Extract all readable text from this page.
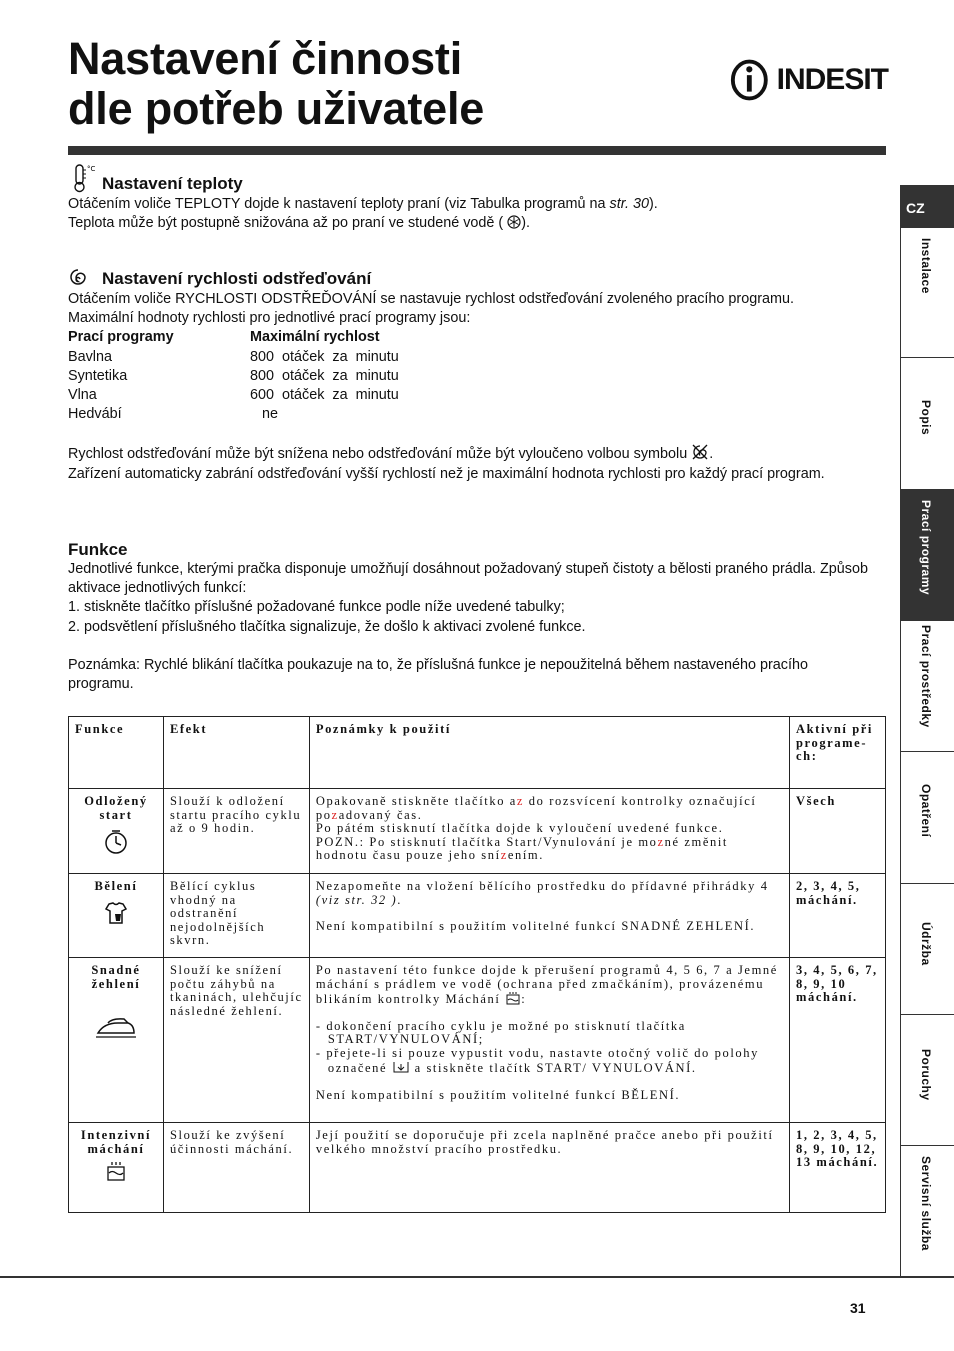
Nastavení činnosti
dle potřeb uživatele
INDESIT
°C
Nastavení teploty
Otáčením voliče TEPLOTY dojde k nastavení teploty praní (viz Tabulka programů na str. 30).
Teplota může být postupně snižována až po praní ve studené vodě ( ).
Nastavení rychlosti odstřeďování
Otáčením voliče RYCHLOSTI ODSTŘEĎOVÁNÍ se nastavuje rychlost odstřeďování zvoleného pracího programu.
Maximální hodnoty rychlosti pro jednotlivé prací programy jsou:
Prací programy	Maximální rychlost
Bavlna	800  otáček  za  minutu
Syntetika	800  otáček  za  minutu
Vlna	600  otáček  za  minutu
Hedvábí	ne
Rychlost odstřeďování může být snížena nebo odstřeďování může být vyloučeno volbou symbolu .
Zařízení automaticky zabrání odstřeďování vyšší rychlostí než je maximální hodnota rychlosti pro každý prací program.
Funkce
Jednotlivé funkce, kterými pračka disponuje umožňují dosáhnout požadovaný stupeň čistoty a bělosti praného prádla. Způsob aktivace jednotlivých funkcí:
1. stiskněte tlačítko příslušné požadované funkce podle níže uvedené tabulky;
2. podsvětlení příslušného tlačítka signalizuje, že došlo k aktivaci zvolené funkce.
Poznámka: Rychlé blikání tlačítka poukazuje na to, že příslušná funkce je nepoužitelná během nastaveného pracího programu.
Funkce	Efekt	Poznámky k použití	Aktivní při programe-ch:

Odložený start	Slouží k odložení startu pracího cyklu až o 9 hodin.	Opakovaně stiskněte tlačítko az do rozsvícení kontrolky označující pozadovaný čas.
Po pátém stisknutí tlačítka dojde k vyloučení uvedené funkce.
POZN.: Po stisknutí tlačítka Start/Vynulování je mozné změnit hodnotu času pouze jeho snízením.	Všech

Bělení	Bělící cyklus vhodný na odstranění nejodolnějších skvrn.	Nezapomeňte na vložení bělícího prostředku do přídavné přihrádky 4 (viz str. 32 ).
Není kompatibilní s použitím volitelné funkcí SNADNÉ ZEHLENÍ.	2, 3, 4, 5, máchání.

Snadné žehlení	Slouží ke snížení počtu záhybů na tkaninách, ulehčujíc následné žehlení.	Po nastavení této funkce dojde k přerušení programů 4, 5 6, 7 a Jemné máchání s prádlem ve vodě (ochrana před zmačkáním), provázenému blikáním kontrolky Máchání :
- dokončení pracího cyklu je možné po stisknutí tlačítka START/VYNULOVÁNÍ;
- přejete-li si pouze vypustit vodu, nastavte otočný volič do polohy označené  a stiskněte tlačítk START/ VYNULOVÁNÍ.
Není kompatibilní s použitím volitelné funkcí BĚLENÍ.	3, 4, 5, 6, 7, 8, 9, 10 máchání.

Intenzivní máchání	Slouží ke zvýšení účinnosti máchání.	Její použití se doporučuje při zcela naplněné pračce anebo při použití velkého množství pracího prostředku.	1, 2, 3, 4, 5, 8, 9, 10, 12, 13 máchání.
CZ
Instalace
Popis
Prací programy
Prací prostředky
Opatření
Údržba
Poruchy
Servisní služba
31
